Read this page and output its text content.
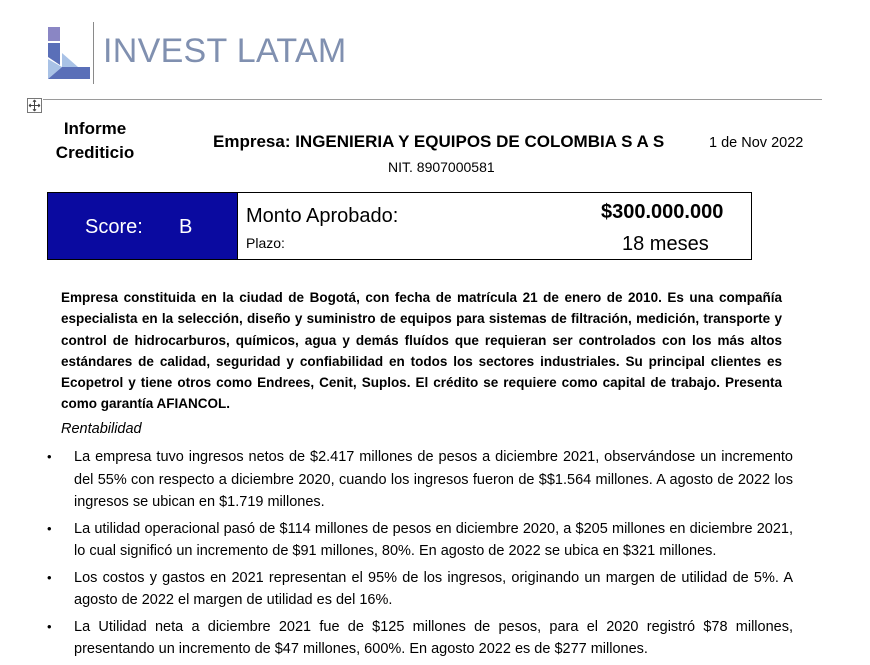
INVEST LATAM
Informe Crediticio
Empresa: INGENIERIA Y EQUIPOS DE COLOMBIA S A S
NIT. 8907000581
1 de Nov 2022
Score: B	Monto Aprobado:
Plazo:
$300.000.000
18 meses
Empresa constituida en la ciudad de Bogotá, con fecha de matrícula 21 de enero de 2010. Es una compañía especialista en la selección, diseño y suministro de equipos para sistemas de filtración, medición, transporte y control de hidrocarburos, químicos, agua y demás fluídos que requieran ser controlados con los más altos estándares de calidad, seguridad y confiabilidad en todos los sectores industriales. Su principal clientes es Ecopetrol y tiene otros como Endrees, Cenit, Suplos. El crédito se requiere como capital de trabajo. Presenta como garantía AFIANCOL.
Rentabilidad
• La empresa tuvo ingresos netos de $2.417 millones de pesos a diciembre 2021, observándose un incremento del 55% con respecto a diciembre 2020, cuando los ingresos fueron de $$1.564 millones. A agosto de 2022 los ingresos se ubican en $1.719 millones.
• La utilidad operacional pasó de $114 millones de pesos en diciembre 2020, a $205 millones en diciembre 2021, lo cual significó un incremento de $91 millones, 80%. En agosto de 2022 se ubica en $321 millones.
• Los costos y gastos en 2021 representan el 95% de los ingresos, originando un margen de utilidad de 5%. A agosto de 2022 el margen de utilidad es del 16%.
• La Utilidad neta a diciembre 2021 fue de $125 millones de pesos, para el 2020 registró $78 millones, presentando un incremento de $47 millones, 600%. En agosto 2022 es de $277 millones.
